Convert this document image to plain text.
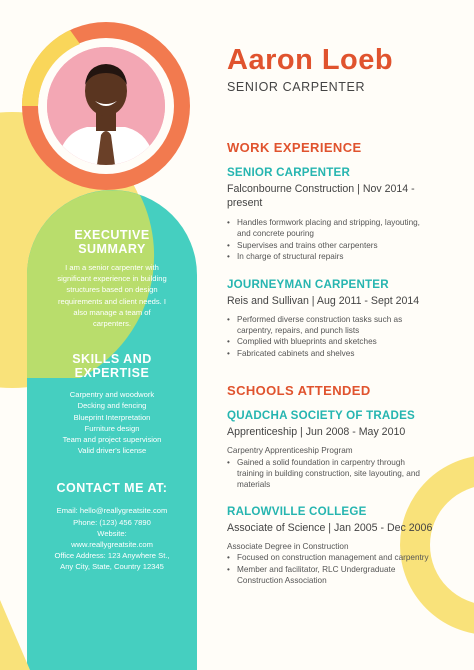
EXECUTIVE

SUMMARY

I am a senior carpenter with

significant experience in building

structures based on design

requirements and client needs. I

also manage a team of

carpenters.

SKILLS AND

EXPERTISE

Carpentry and woodwork

Decking and fencing

Blueprint Interpretation

Furniture design

Team and project supervision

Valid driver's license

CONTACT ME AT:

Email: hello@reallygreatsite.com

Phone: (123) 456 7890

Website:

www.reallygreatsite.com

Office Address: 123 Anywhere St.,

Any City, State, Country 12345

Aaron Loeb
SENIOR CARPENTER

WORK EXPERIENCE

SENIOR CARPENTER

Falconbourne Construction | Nov 2014 -

present

• Handles formwork placing and stripping, layouting,
and concrete pouring
• Supervises and trains other carpenters
• In charge of structural repairs

JOURNEYMAN CARPENTER

Reis and Sullivan | Aug 2011 - Sept 2014

• Performed diverse construction tasks such as
carpentry, repairs, and punch lists
• Complied with blueprints and sketches
• Fabricated cabinets and shelves

SCHOOLS ATTENDED

QUADCHA SOCIETY OF TRADES

Apprenticeship | Jun 2008 - May 2010

Carpentry Apprenticeship Program

• Gained a solid foundation in carpentry through
training in building construction, site layouting, and
materials

RALOWVILLE COLLEGE

Associate of Science | Jan 2005 - Dec 2006

Associate Degree in Construction

• Focused on construction management and carpentry
• Member and facilitator, RLC Undergraduate
Construction Association
